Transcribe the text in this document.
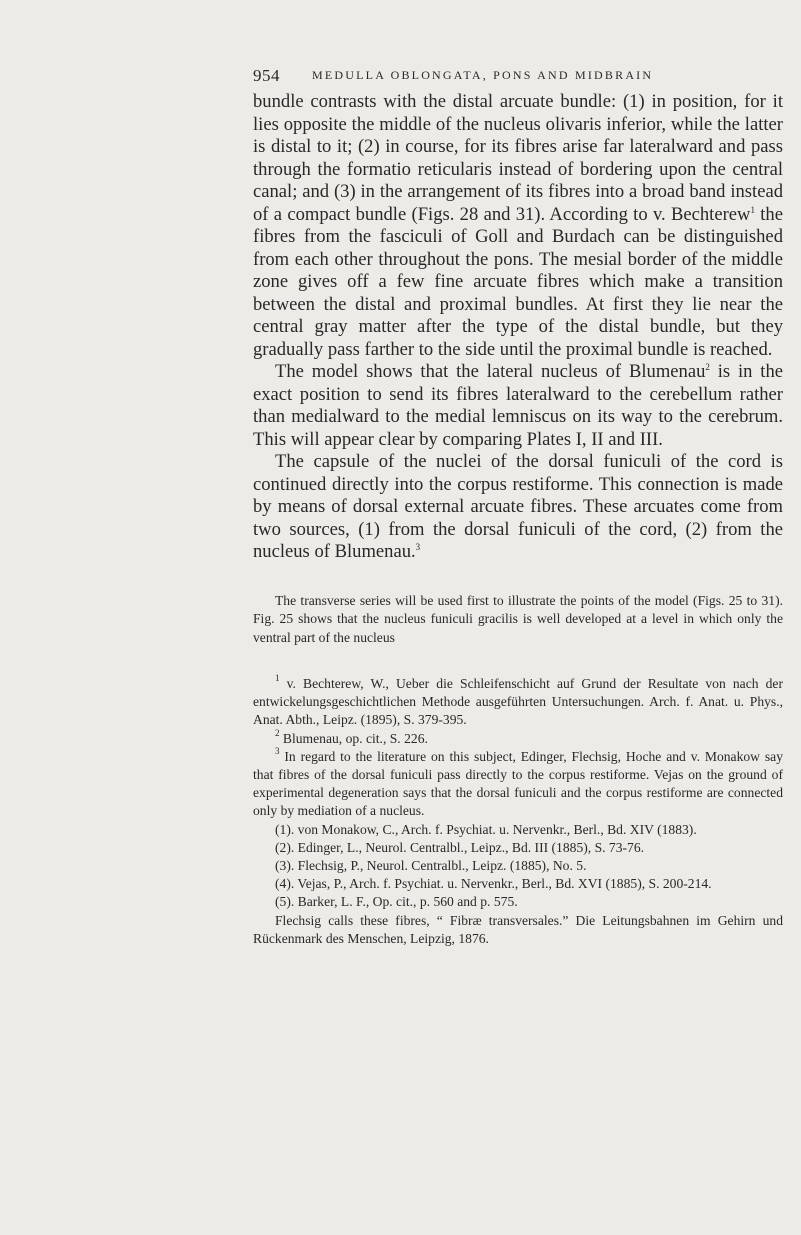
954	MEDULLA OBLONGATA, PONS AND MIDBRAIN

bundle contrasts with the distal arcuate bundle: (1) in position, for it lies opposite the middle of the nucleus olivaris inferior, while the latter is distal to it; (2) in course, for its fibres arise far lateralward and pass through the formatio reticularis instead of bordering upon the central canal; and (3) in the arrangement of its fibres into a broad band instead of a compact bundle (Figs. 28 and 31). According to v. Bechterew$^1$ the fibres from the fasciculi of Goll and Burdach can be distinguished from each other throughout the pons. The mesial border of the middle zone gives off a few fine arcuate fibres which make a transition between the distal and proximal bundles. At first they lie near the central gray matter after the type of the distal bundle, but they gradually pass farther to the side until the proximal bundle is reached.

The model shows that the lateral nucleus of Blumenau$^2$ is in the exact position to send its fibres lateralward to the cerebellum rather than medialward to the medial lemniscus on its way to the cerebrum. This will appear clear by comparing Plates I, II and III.

The capsule of the nuclei of the dorsal funiculi of the cord is continued directly into the corpus restiforme. This connection is made by means of dorsal external arcuate fibres. These arcuates come from two sources, (1) from the dorsal funiculi of the cord, (2) from the nucleus of Blumenau.$^3$

The transverse series will be used first to illustrate the points of the model (Figs. 25 to 31). Fig. 25 shows that the nucleus funiculi gracilis is well developed at a level in which only the ventral part of the nucleus

$^1$ v. Bechterew, W., Ueber die Schleifenschicht auf Grund der Resultate von nach der entwickelungsgeschichtlichen Methode ausgeführten Untersuchungen. Arch. f. Anat. u. Phys., Anat. Abth., Leipz. (1895), S. 379-395.

$^2$ Blumenau, op. cit., S. 226.

$^3$ In regard to the literature on this subject, Edinger, Flechsig, Hoche and v. Monakow say that fibres of the dorsal funiculi pass directly to the corpus restiforme. Vejas on the ground of experimental degeneration says that the dorsal funiculi and the corpus restiforme are connected only by mediation of a nucleus.

(1). von Monakow, C., Arch. f. Psychiat. u. Nervenkr., Berl., Bd. XIV (1883).

(2). Edinger, L., Neurol. Centralbl., Leipz., Bd. III (1885), S. 73-76.

(3). Flechsig, P., Neurol. Centralbl., Leipz. (1885), No. 5.

(4). Vejas, P., Arch. f. Psychiat. u. Nervenkr., Berl., Bd. XVI (1885), S. 200-214.

(5). Barker, L. F., Op. cit., p. 560 and p. 575.

Flechsig calls these fibres, “ Fibræ transversales.” Die Leitungsbahnen im Gehirn und Rückenmark des Menschen, Leipzig, 1876.
